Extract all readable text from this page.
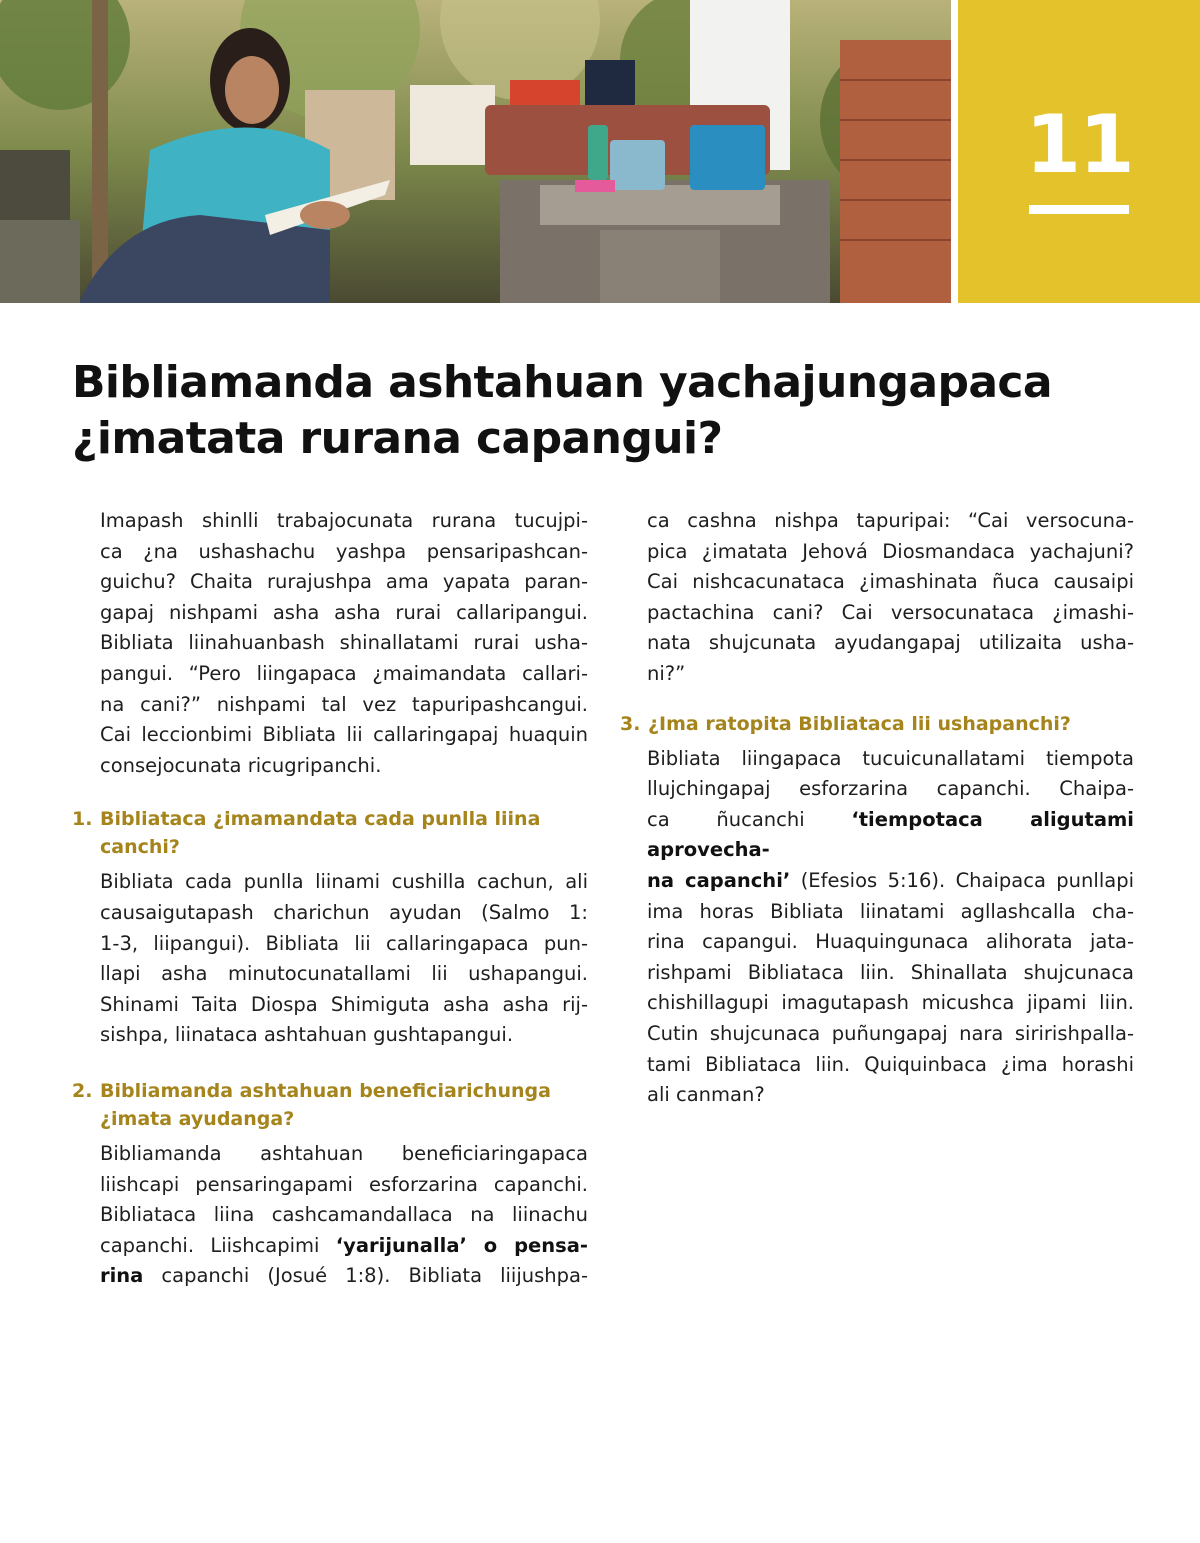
11
Bibliamanda ashtahuan yachajungapaca
¿imatata rurana capangui?

Imapash shinlli trabajocunata rurana tucujpi-
ca ¿na ushashachu yashpa pensaripashcan-
guichu? Chaita rurajushpa ama yapata paran-
gapaj nishpami asha asha rurai callaripangui.
Bibliata liinahuanbash shinallatami rurai usha-
pangui. “Pero liingapaca ¿maimandata callari-
na cani?” nishpami tal vez tapuripashcangui.
Cai leccionbimi Bibliata lii callaringapaj huaquin
consejocunata ricugripanchi.

1. Bibliataca ¿imamandata cada punlla liina
canchi?

Bibliata cada punlla liinami cushilla cachun, ali
causaigutapash charichun ayudan (Salmo 1:
1-3, liipangui). Bibliata lii callaringapaca pun-
llapi asha minutocunatallami lii ushapangui.
Shinami Taita Diospa Shimiguta asha asha rij-
sishpa, liinataca ashtahuan gushtapangui.

2. Bibliamanda ashtahuan beneficiarichunga
¿imata ayudanga?

Bibliamanda ashtahuan beneficiaringapaca
liishcapi pensaringapami esforzarina capanchi.
Bibliataca liina cashcamandallaca na liinachu
capanchi. Liishcapimi ‘yarijunalla’ o pensa-
rina capanchi (Josué 1:8). Bibliata liijushpa-

ca cashna nishpa tapuripai: “Cai versocuna-
pica ¿imatata Jehová Diosmandaca yachajuni?
Cai nishcacunataca ¿imashinata ñuca causaipi
pactachina cani? Cai versocunataca ¿imashi-
nata shujcunata ayudangapaj utilizaita usha-
ni?”

3. ¿Ima ratopita Bibliataca lii ushapanchi?

Bibliata liingapaca tucuicunallatami tiempota
llujchingapaj esforzarina capanchi. Chaipa-
ca ñucanchi ‘tiempotaca aligutami aprovecha-
na capanchi’ (Efesios 5:16). Chaipaca punllapi
ima horas Bibliata liinatami agllashcalla cha-
rina capangui. Huaquingunaca alihorata jata-
rishpami Bibliataca liin. Shinallata shujcunaca
chishillagupi imagutapash micushca jipami liin.
Cutin shujcunaca puñungapaj nara siririshpalla-
tami Bibliataca liin. Quiquinbaca ¿ima horashi
ali canman?
